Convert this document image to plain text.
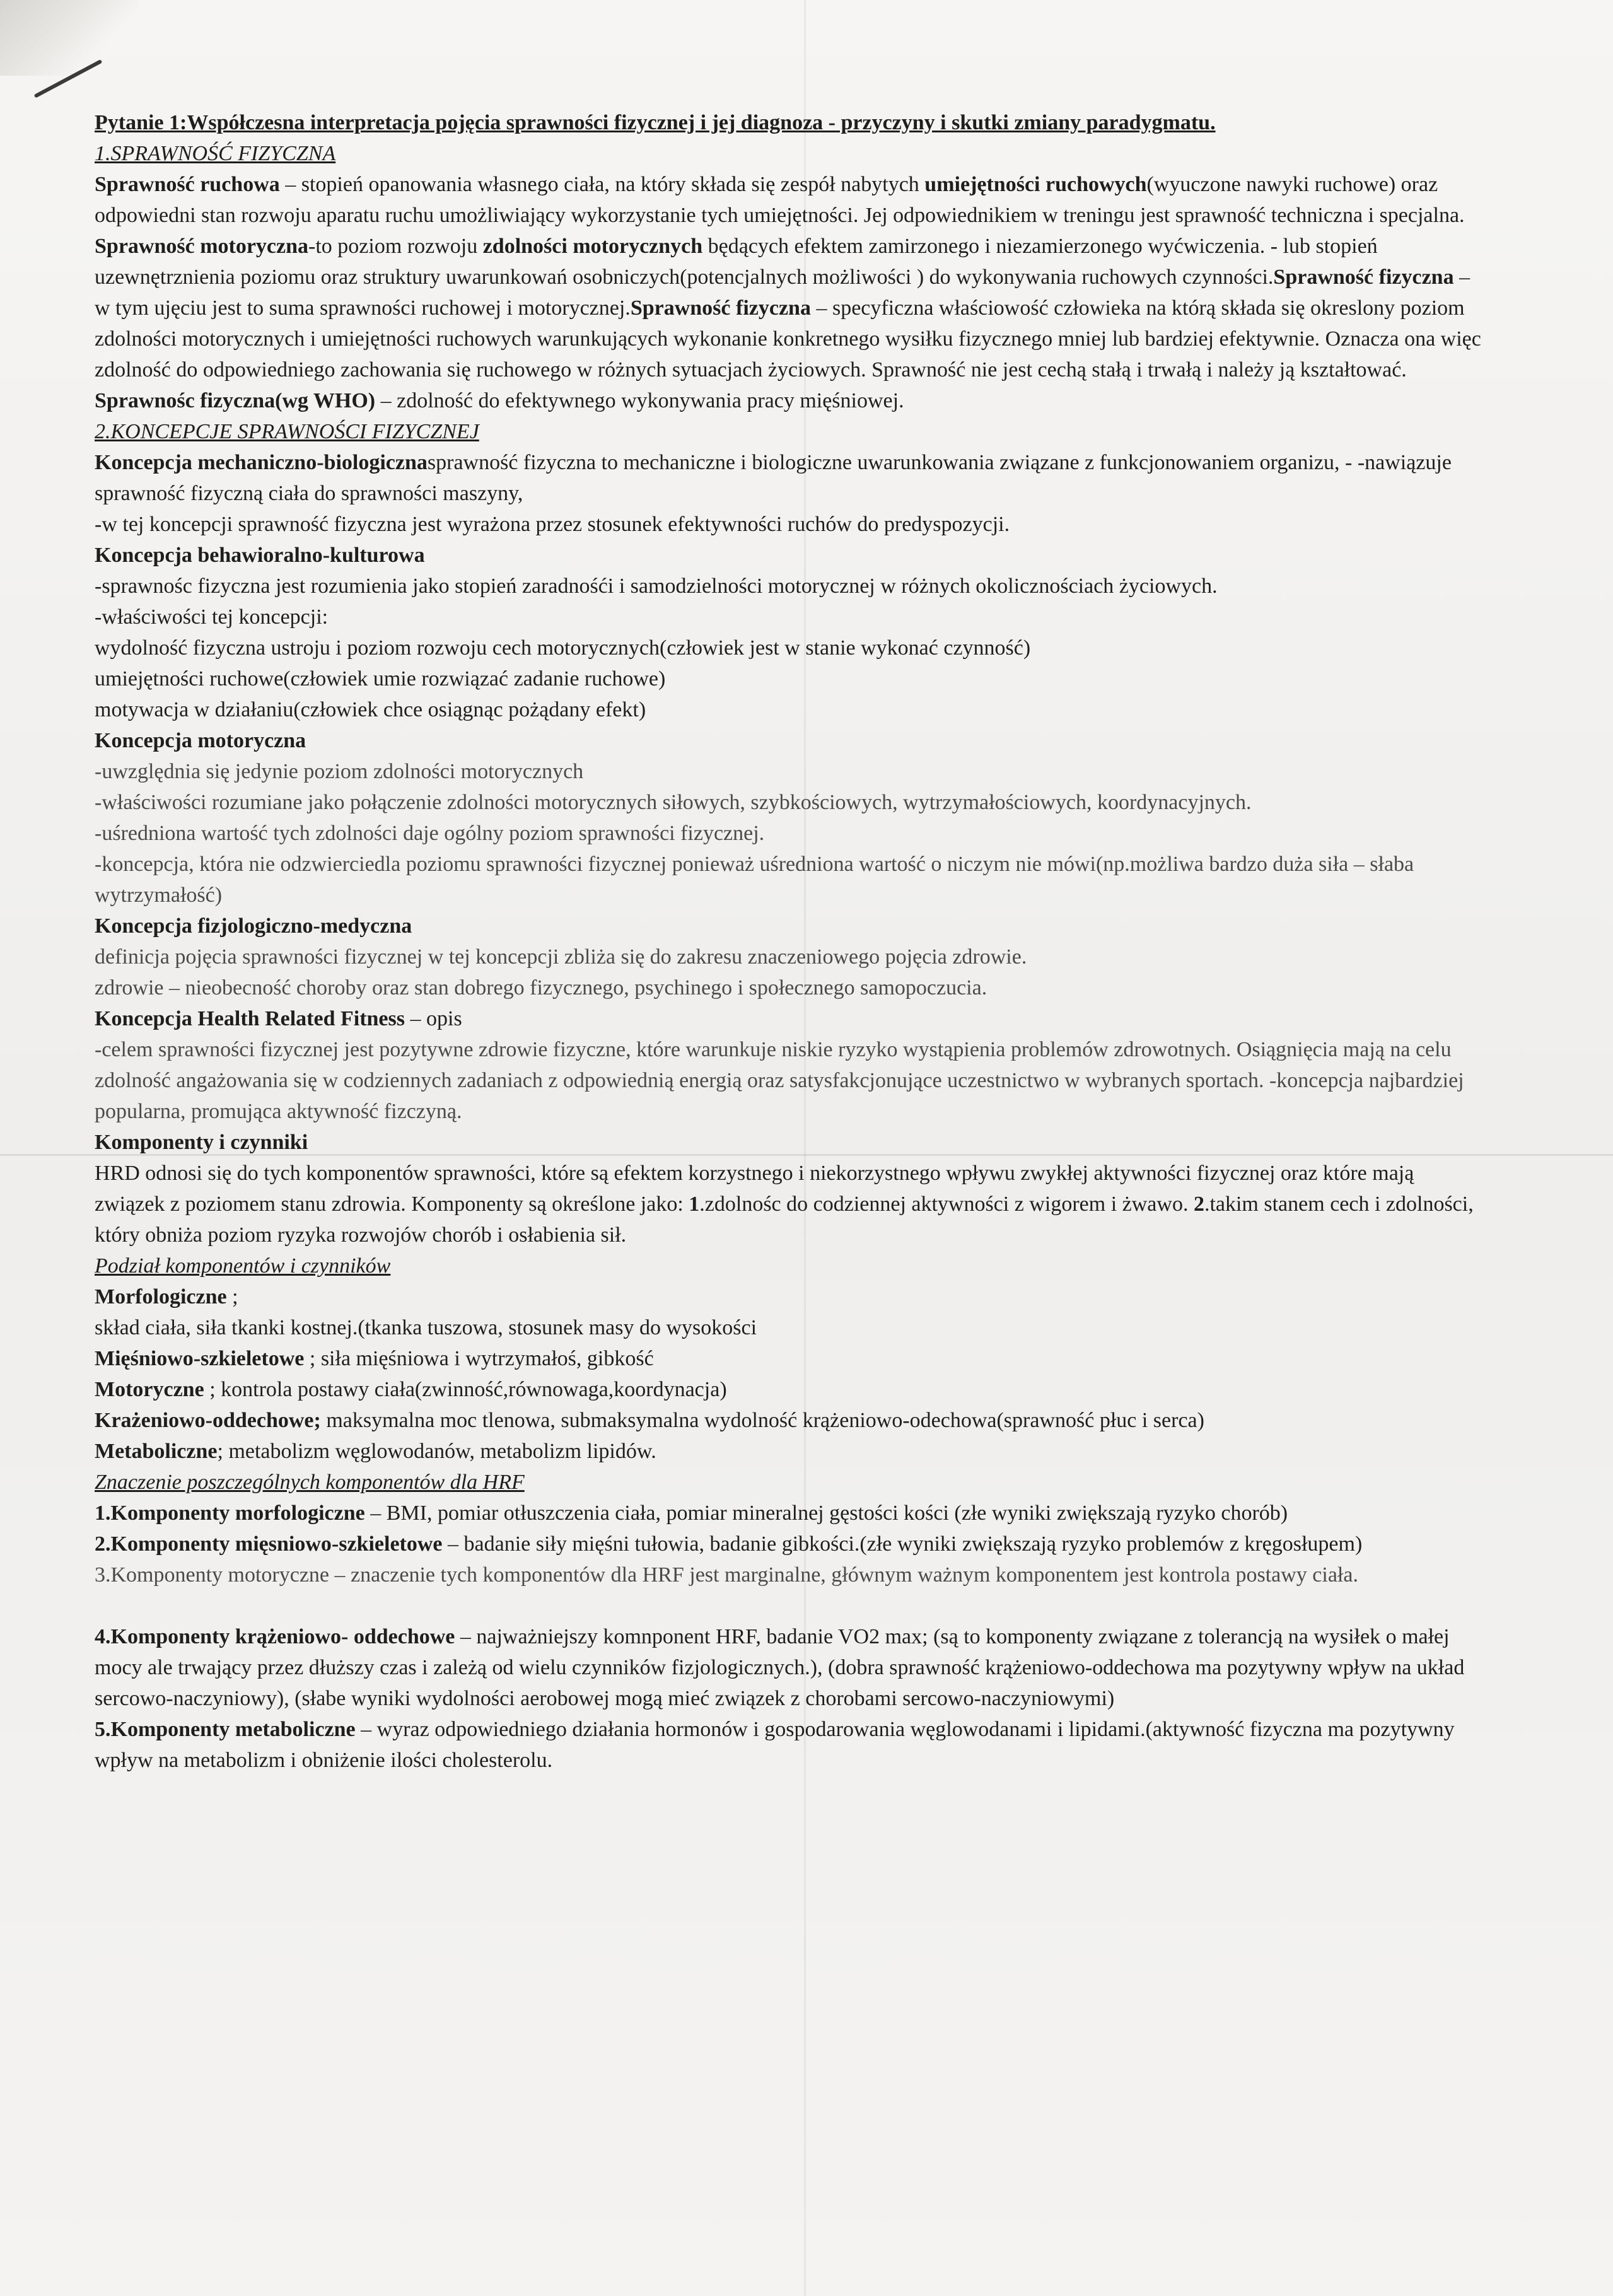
Pytanie 1:Współczesna interpretacja pojęcia sprawności fizycznej i jej diagnoza - przyczyny i skutki zmiany paradygmatu.

1.SPRAWNOŚĆ FIZYCZNA

Sprawność ruchowa – stopień opanowania własnego ciała, na który składa się zespół nabytych umiejętności ruchowych(wyuczone nawyki ruchowe) oraz odpowiedni stan rozwoju aparatu ruchu umożliwiający wykorzystanie tych umiejętności. Jej odpowiednikiem w treningu jest sprawność techniczna i specjalna.

Sprawność motoryczna-to poziom rozwoju zdolności motorycznych będących efektem zamirzonego i niezamierzonego wyćwiczenia. - lub stopień uzewnętrznienia poziomu oraz struktury uwarunkowań osobniczych(potencjalnych możliwości ) do wykonywania ruchowych czynności.Sprawność fizyczna – w tym ujęciu jest to suma sprawności ruchowej i motorycznej.Sprawność fizyczna – specyficzna właściowość człowieka na którą składa się okreslony poziom zdolności motorycznych i umiejętności ruchowych warunkujących wykonanie konkretnego wysiłku fizycznego mniej lub bardziej efektywnie. Oznacza ona więc zdolność do odpowiedniego zachowania się ruchowego w różnych sytuacjach życiowych. Sprawność nie jest cechą stałą i trwałą i należy ją kształtować.

Sprawnośc fizyczna(wg WHO) – zdolność do efektywnego wykonywania pracy mięśniowej.

2.KONCEPCJE SPRAWNOŚCI FIZYCZNEJ

Koncepcja mechaniczno-biologicznasprawność fizyczna to mechaniczne i biologiczne uwarunkowania związane z funkcjonowaniem organizu, - -nawiązuje sprawność fizyczną ciała do sprawności maszyny,

-w tej koncepcji sprawność fizyczna jest wyrażona przez stosunek efektywności ruchów do predyspozycji.

Koncepcja behawioralno-kulturowa

-sprawnośc fizyczna jest rozumienia jako stopień zaradnośći i samodzielności motorycznej w różnych okolicznościach życiowych.

-właściwości tej koncepcji:

wydolność fizyczna ustroju i poziom rozwoju cech motorycznych(człowiek jest w stanie wykonać czynność)

umiejętności ruchowe(człowiek umie rozwiązać zadanie ruchowe)

motywacja w działaniu(człowiek chce osiągnąc pożądany efekt)

Koncepcja motoryczna

-uwzględnia się jedynie poziom zdolności motorycznych

-właściwości rozumiane jako połączenie zdolności motorycznych siłowych, szybkościowych, wytrzymałościowych, koordynacyjnych.

-uśredniona wartość tych zdolności daje ogólny poziom sprawności fizycznej.

-koncepcja, która nie odzwierciedla poziomu sprawności fizycznej ponieważ uśredniona wartość o niczym nie mówi(np.możliwa bardzo duża siła – słaba wytrzymałość)

Koncepcja fizjologiczno-medyczna

definicja pojęcia sprawności fizycznej w tej koncepcji zbliża się do zakresu znaczeniowego pojęcia zdrowie.

zdrowie – nieobecność choroby oraz stan dobrego fizycznego, psychinego i społecznego samopoczucia.

Koncepcja Health Related Fitness – opis

-celem sprawności fizycznej jest pozytywne zdrowie fizyczne, które warunkuje niskie ryzyko wystąpienia problemów zdrowotnych. Osiągnięcia mają na celu zdolność angażowania się w codziennych zadaniach z odpowiednią energią oraz satysfakcjonujące uczestnictwo w wybranych sportach. -koncepcja najbardziej popularna, promująca aktywność fizczyną.

Komponenty i czynniki

HRD odnosi się do tych komponentów sprawności, które są efektem korzystnego i niekorzystnego wpływu zwykłej aktywności fizycznej oraz które mają związek z poziomem stanu zdrowia. Komponenty są określone jako: 1.zdolnośc do codziennej aktywności z wigorem i żwawo. 2.takim stanem cech i zdolności, który obniża poziom ryzyka rozwojów chorób i osłabienia sił.

Podział komponentów i czynników

Morfologiczne ;

skład ciała, siła tkanki kostnej.(tkanka tuszowa, stosunek masy do wysokości

Mięśniowo-szkieletowe ; siła mięśniowa i wytrzymałoś, gibkość

Motoryczne ; kontrola postawy ciała(zwinność,równowaga,koordynacja)

Krażeniowo-oddechowe; maksymalna moc tlenowa, submaksymalna wydolność krążeniowo-odechowa(sprawność płuc i serca)

Metaboliczne; metabolizm węglowodanów, metabolizm lipidów.

Znaczenie poszczególnych komponentów dla HRF

1.Komponenty morfologiczne – BMI, pomiar otłuszczenia ciała, pomiar mineralnej gęstości kości (złe wyniki zwiększają ryzyko chorób)

2.Komponenty mięsniowo-szkieletowe – badanie siły mięśni tułowia, badanie gibkości.(złe wyniki zwiększają ryzyko problemów z kręgosłupem)

3.Komponenty motoryczne – znaczenie tych komponentów dla HRF jest marginalne, głównym ważnym komponentem jest kontrola postawy ciała.

4.Komponenty krążeniowo- oddechowe – najważniejszy komnponent HRF, badanie VO2 max; (są to komponenty związane z tolerancją na wysiłek o małej mocy ale trwający przez dłuższy czas i zależą od wielu czynników fizjologicznych.), (dobra sprawność krążeniowo-oddechowa ma pozytywny wpływ na układ sercowo-naczyniowy), (słabe wyniki wydolności aerobowej mogą mieć związek z chorobami sercowo-naczyniowymi)

5.Komponenty metaboliczne – wyraz odpowiedniego działania hormonów i gospodarowania węglowodanami i lipidami.(aktywność fizyczna ma pozytywny wpływ na metabolizm i obniżenie ilości cholesterolu.
